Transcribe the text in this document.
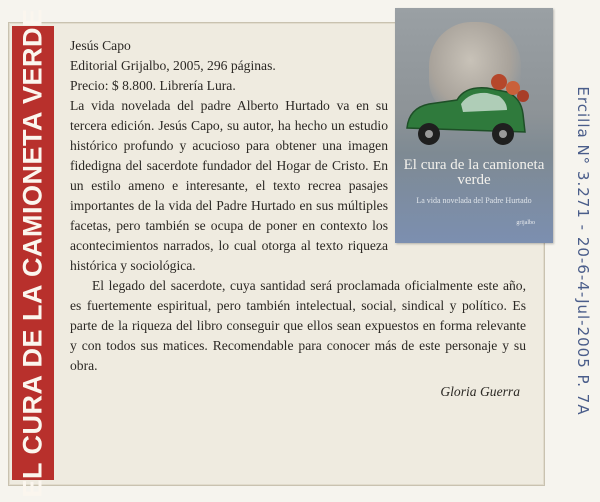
EL CURA DE LA CAMIONETA VERDE Jesús Capo

Editorial Grijalbo, 2005, 296 páginas.

Precio: $ 8.800. Librería Lura.

La vida novelada del padre Alberto Hurtado va en su tercera edición. Jesús Capo, su autor, ha hecho un estudio histórico profundo y acucioso para obtener una imagen fidedigna del sacerdote fundador del Hogar de Cristo. En un estilo ameno e interesante, el texto recrea pasajes importantes de la vida del Padre Hurtado en sus múltiples facetas, pero también se ocupa de poner en contexto los acontecimientos narrados, lo cual otorga al texto riqueza histórica y sociológica.

El legado del sacerdote, cuya santidad será proclamada oficialmente este año, es fuertemente espiritual, pero también intelectual, social, sindical y político. Es parte de la riqueza del libro conseguir que ellos sean expuestos en forma relevante y con todos sus matices. Recomendable para conocer más de este personaje y su obra.

Gloria Guerra
El cura de la camioneta verde
La vida novelada del Padre Hurtado
grijalbo	Ercilla N° 3.271 - 20-6-4-Jul-2005 P. 7A
